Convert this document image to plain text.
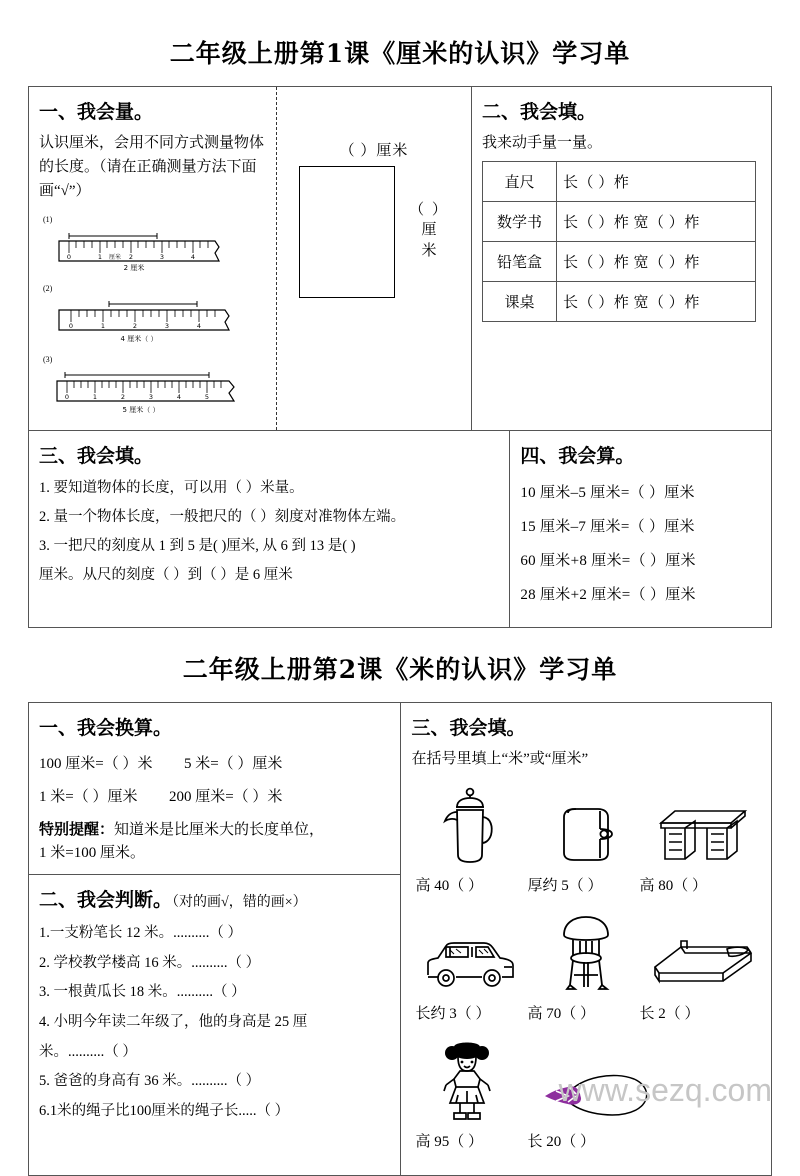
二年级上册第1课《厘米的认识》学习单
一、我会量。
认识厘米，会用不同方式测量物体的长度。（请在正确测量方法下面画“√”）
(1)
0	1	2	3	4
厘米
2 厘米
(2)
0	1	2	3	4
4 厘米（ ）
(3)
0	1	2	3	4	5
5 厘米（ ）
（ ）厘米
（ ）
厘
米
二、我会填。
我来动手量一量。
直尺	长（ ）柞
数学书	长（ ）柞 宽（ ）柞
铅笔盒	长（ ）柞 宽（ ）柞
课桌	长（ ）柞 宽（ ）柞
三、我会填。
1. 要知道物体的长度，可以用（ ）米量。
2. 量一个物体长度，一般把尺的（ ）刻度对准物体左端。
3. 一把尺的刻度从 1 到 5 是( )厘米, 从 6 到 13 是( )
厘米。从尺的刻度（ ）到（ ）是 6 厘米
四、我会算。
10 厘米–5 厘米=（ ）厘米
15 厘米–7 厘米=（ ）厘米
60 厘米+8 厘米=（ ）厘米
28 厘米+2 厘米=（ ）厘米
二年级上册第2课《米的认识》学习单
一、我会换算。
100 厘米=（ ）米 5 米=（ ）厘米
1 米=（ ）厘米 200 厘米=（ ）米
特别提醒：知道米是比厘米大的长度单位，
1 米=100 厘米。
二、我会判断。（对的画√，错的画×）
1.一支粉笔长 12 米。..........（ ）
2. 学校教学楼高 16 米。..........（ ）
3. 一根黄瓜长 18 米。..........（ ）
4. 小明今年读二年级了，他的身高是 25 厘
米。..........（ ）
5. 爸爸的身高有 36 米。..........（ ）
6.1米的绳子比100厘米的绳子长.....（ ）
三、我会填。
在括号里填上“米”或“厘米”
高 40（ ）	厚约 5（ ）	高 80（ ）
长约 3（ ）	高 70（ ）	长 2（ ）
高 95（ ）	长 20（ ）
www.sezq.com
